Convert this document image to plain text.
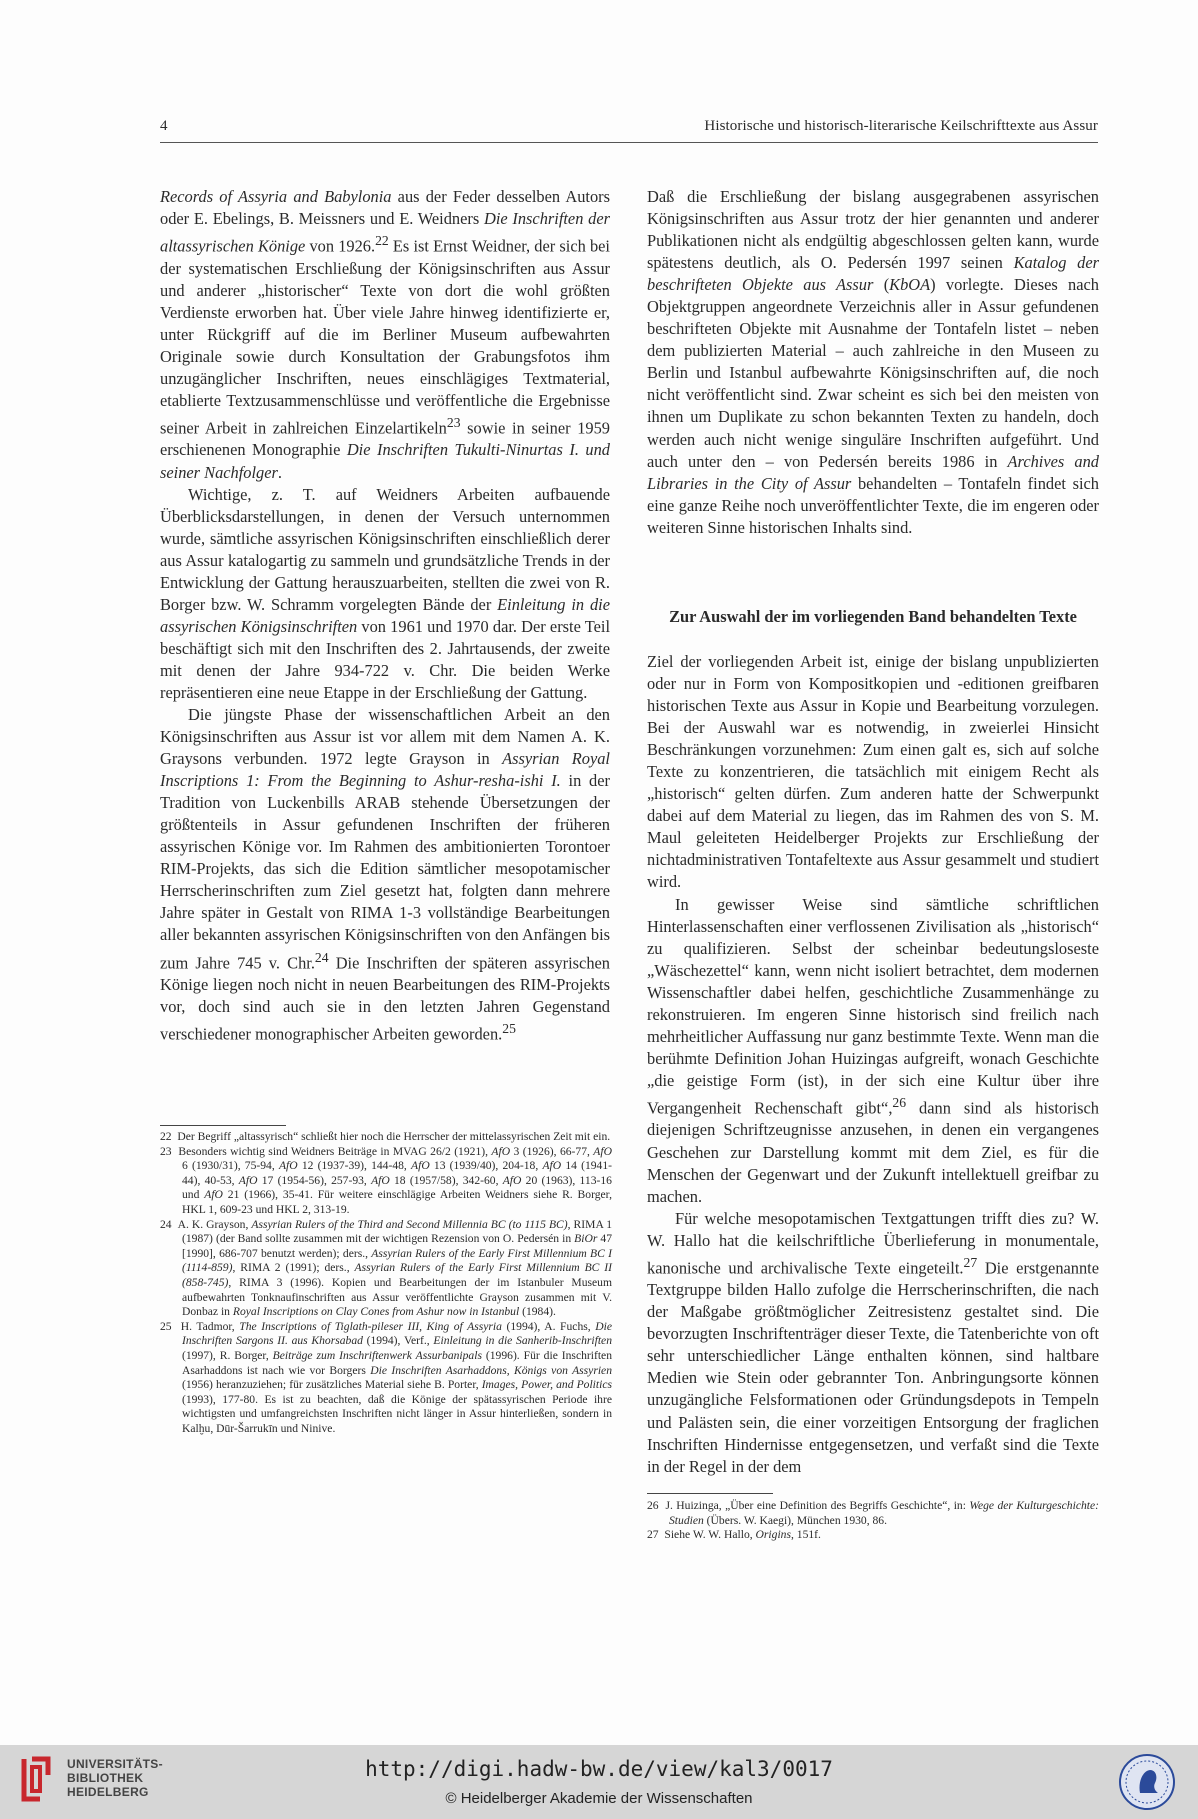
4	Historische und historisch-literarische Keilschrifttexte aus Assur

Records of Assyria and Babylonia aus der Feder desselben Autors oder E. Ebelings, B. Meissners und E. Weidners Die Inschriften der altassyrischen Könige von 1926.22 Es ist Ernst Weidner, der sich bei der systematischen Erschließung der Königsinschriften aus Assur und anderer „historischer“ Texte von dort die wohl größten Verdienste erworben hat. Über viele Jahre hinweg identifizierte er, unter Rückgriff auf die im Berliner Museum aufbewahrten Originale sowie durch Konsultation der Grabungsfotos ihm unzugänglicher Inschriften, neues einschlägiges Textmaterial, etablierte Textzusammenschlüsse und veröffentliche die Ergebnisse seiner Arbeit in zahlreichen Einzelartikeln$^{23}$ sowie in seiner 1959 erschienenen Monographie Die Inschriften Tukulti-Ninurtas I. und seiner Nachfolger.

Wichtige, z. T. auf Weidners Arbeiten aufbauende Überblicksdarstellungen, in denen der Versuch unternommen wurde, sämtliche assyrischen Königsinschriften einschließlich derer aus Assur katalogartig zu sammeln und grundsätzliche Trends in der Entwicklung der Gattung herauszuarbeiten, stellten die zwei von R. Borger bzw. W. Schramm vorgelegten Bände der Einleitung in die assyrischen Königsinschriften von 1961 und 1970 dar. Der erste Teil beschäftigt sich mit den Inschriften des 2. Jahrtausends, der zweite mit denen der Jahre 934-722 v. Chr. Die beiden Werke repräsentieren eine neue Etappe in der Erschließung der Gattung.

Die jüngste Phase der wissenschaftlichen Arbeit an den Königsinschriften aus Assur ist vor allem mit dem Namen A. K. Graysons verbunden. 1972 legte Grayson in Assyrian Royal Inscriptions 1: From the Beginning to Ashur-resha-ishi I. in der Tradition von Luckenbills ARAB stehende Übersetzungen der größtenteils in Assur gefundenen Inschriften der früheren assyrischen Könige vor. Im Rahmen des ambitionierten Torontoer RIM-Projekts, das sich die Edition sämtlicher mesopotamischer Herrscherinschriften zum Ziel gesetzt hat, folgten dann mehrere Jahre später in Gestalt von RIMA 1-3 vollständige Bearbeitungen aller bekannten assyrischen Königsinschriften von den Anfängen bis zum Jahre 745 v. Chr.$^{24}$ Die Inschriften der späteren assyrischen Könige liegen noch nicht in neuen Bearbeitungen des RIM-Projekts vor, doch sind auch sie in den letzten Jahren Gegenstand verschiedener monographischer Arbeiten geworden.$^{25}$

Daß die Erschließung der bislang ausgegrabenen assyrischen Königsinschriften aus Assur trotz der hier genannten und anderer Publikationen nicht als endgültig abgeschlossen gelten kann, wurde spätestens deutlich, als O. Pedersén 1997 seinen Katalog der beschrifteten Objekte aus Assur (KbOA) vorlegte. Dieses nach Objektgruppen angeordnete Verzeichnis aller in Assur gefundenen beschrifteten Objekte mit Ausnahme der Tontafeln listet – neben dem publizierten Material – auch zahlreiche in den Museen zu Berlin und Istanbul aufbewahrte Königsinschriften auf, die noch nicht veröffentlicht sind. Zwar scheint es sich bei den meisten von ihnen um Duplikate zu schon bekannten Texten zu handeln, doch werden auch nicht wenige singuläre Inschriften aufgeführt. Und auch unter den – von Pedersén bereits 1986 in Archives and Libraries in the City of Assur behandelten – Tontafeln findet sich eine ganze Reihe noch unveröffentlichter Texte, die im engeren oder weiteren Sinne historischen Inhalts sind.

Zur Auswahl der im vorliegenden Band behandelten Texte

Ziel der vorliegenden Arbeit ist, einige der bislang unpublizierten oder nur in Form von Kompositkopien und -editionen greifbaren historischen Texte aus Assur in Kopie und Bearbeitung vorzulegen. Bei der Auswahl war es notwendig, in zweierlei Hinsicht Beschränkungen vorzunehmen: Zum einen galt es, sich auf solche Texte zu konzentrieren, die tatsächlich mit einigem Recht als „historisch“ gelten dürfen. Zum anderen hatte der Schwerpunkt dabei auf dem Material zu liegen, das im Rahmen des von S. M. Maul geleiteten Heidelberger Projekts zur Erschließung der nichtadministrativen Tontafeltexte aus Assur gesammelt und studiert wird.

In gewisser Weise sind sämtliche schriftlichen Hinterlassenschaften einer verflossenen Zivilisation als „historisch“ zu qualifizieren. Selbst der scheinbar bedeutungsloseste „Wäschezettel“ kann, wenn nicht isoliert betrachtet, dem modernen Wissenschaftler dabei helfen, geschichtliche Zusammenhänge zu rekonstruieren. Im engeren Sinne historisch sind freilich nach mehrheitlicher Auffassung nur ganz bestimmte Texte. Wenn man die berühmte Definition Johan Huizingas aufgreift, wonach Geschichte „die geistige Form (ist), in der sich eine Kultur über ihre Vergangenheit Rechenschaft gibt“,$^{26}$ dann sind als historisch diejenigen Schriftzeugnisse anzusehen, in denen ein vergangenes Geschehen zur Darstellung kommt mit dem Ziel, es für die Menschen der Gegenwart und der Zukunft intellektuell greifbar zu machen.

Für welche mesopotamischen Textgattungen trifft dies zu? W. W. Hallo hat die keilschriftliche Überlieferung in monumentale, kanonische und archivalische Texte eingeteilt.$^{27}$ Die erstgenannte Textgruppe bilden Hallo zufolge die Herrscherinschriften, die nach der Maßgabe größtmöglicher Zeitresistenz gestaltet sind. Die bevorzugten Inschriftenträger dieser Texte, die Tatenberichte von oft sehr unterschiedlicher Länge enthalten können, sind haltbare Medien wie Stein oder gebrannter Ton. Anbringungsorte können unzugängliche Felsformationen oder Gründungsdepots in Tempeln und Palästen sein, die einer vorzeitigen Entsorgung der fraglichen Inschriften Hindernisse entgegensetzen, und verfaßt sind die Texte in der Regel in der dem

22  Der Begriff „altassyrisch“ schließt hier noch die Herrscher der mittelassyrischen Zeit mit ein.

23  Besonders wichtig sind Weidners Beiträge in MVAG 26/2 (1921), AfO 3 (1926), 66-77, AfO 6 (1930/31), 75-94, AfO 12 (1937-39), 144-48, AfO 13 (1939/40), 204-18, AfO 14 (1941-44), 40-53, AfO 17 (1954-56), 257-93, AfO 18 (1957/58), 342-60, AfO 20 (1963), 113-16 und AfO 21 (1966), 35-41. Für weitere einschlägige Arbeiten Weidners siehe R. Borger, HKL 1, 609-23 und HKL 2, 313-19.

24  A. K. Grayson, Assyrian Rulers of the Third and Second Millennia BC (to 1115 BC), RIMA 1 (1987) (der Band sollte zusammen mit der wichtigen Rezension von O. Pedersén in BiOr 47 [1990], 686-707 benutzt werden); ders., Assyrian Rulers of the Early First Millennium BC I (1114-859), RIMA 2 (1991); ders., Assyrian Rulers of the Early First Millennium BC II (858-745), RIMA 3 (1996). Kopien und Bearbeitungen der im Istanbuler Museum aufbewahrten Tonknaufinschriften aus Assur veröffentlichte Grayson zusammen mit V. Donbaz in Royal Inscriptions on Clay Cones from Ashur now in Istanbul (1984).

25  H. Tadmor, The Inscriptions of Tiglath-pileser III, King of Assyria (1994), A. Fuchs, Die Inschriften Sargons II. aus Khorsabad (1994), Verf., Einleitung in die Sanherib-Inschriften (1997), R. Borger, Beiträge zum Inschriftenwerk Assurbanipals (1996). Für die Inschriften Asarhaddons ist nach wie vor Borgers Die Inschriften Asarhaddons, Königs von Assyrien (1956) heranzuziehen; für zusätzliches Material siehe B. Porter, Images, Power, and Politics (1993), 177-80. Es ist zu beachten, daß die Könige der spätassyrischen Periode ihre wichtigsten und umfangreichsten Inschriften nicht länger in Assur hinterließen, sondern in Kalḫu, Dūr-Šarrukīn und Ninive.

26  J. Huizinga, „Über eine Definition des Begriffs Geschichte“, in: Wege der Kulturgeschichte: Studien (Übers. W. Kaegi), München 1930, 86.

27  Siehe W. W. Hallo, Origins, 151f.

UNIVERSITÄTS-
BIBLIOTHEK
HEIDELBERG
http://digi.hadw-bw.de/view/kal3/0017
© Heidelberger Akademie der Wissenschaften
